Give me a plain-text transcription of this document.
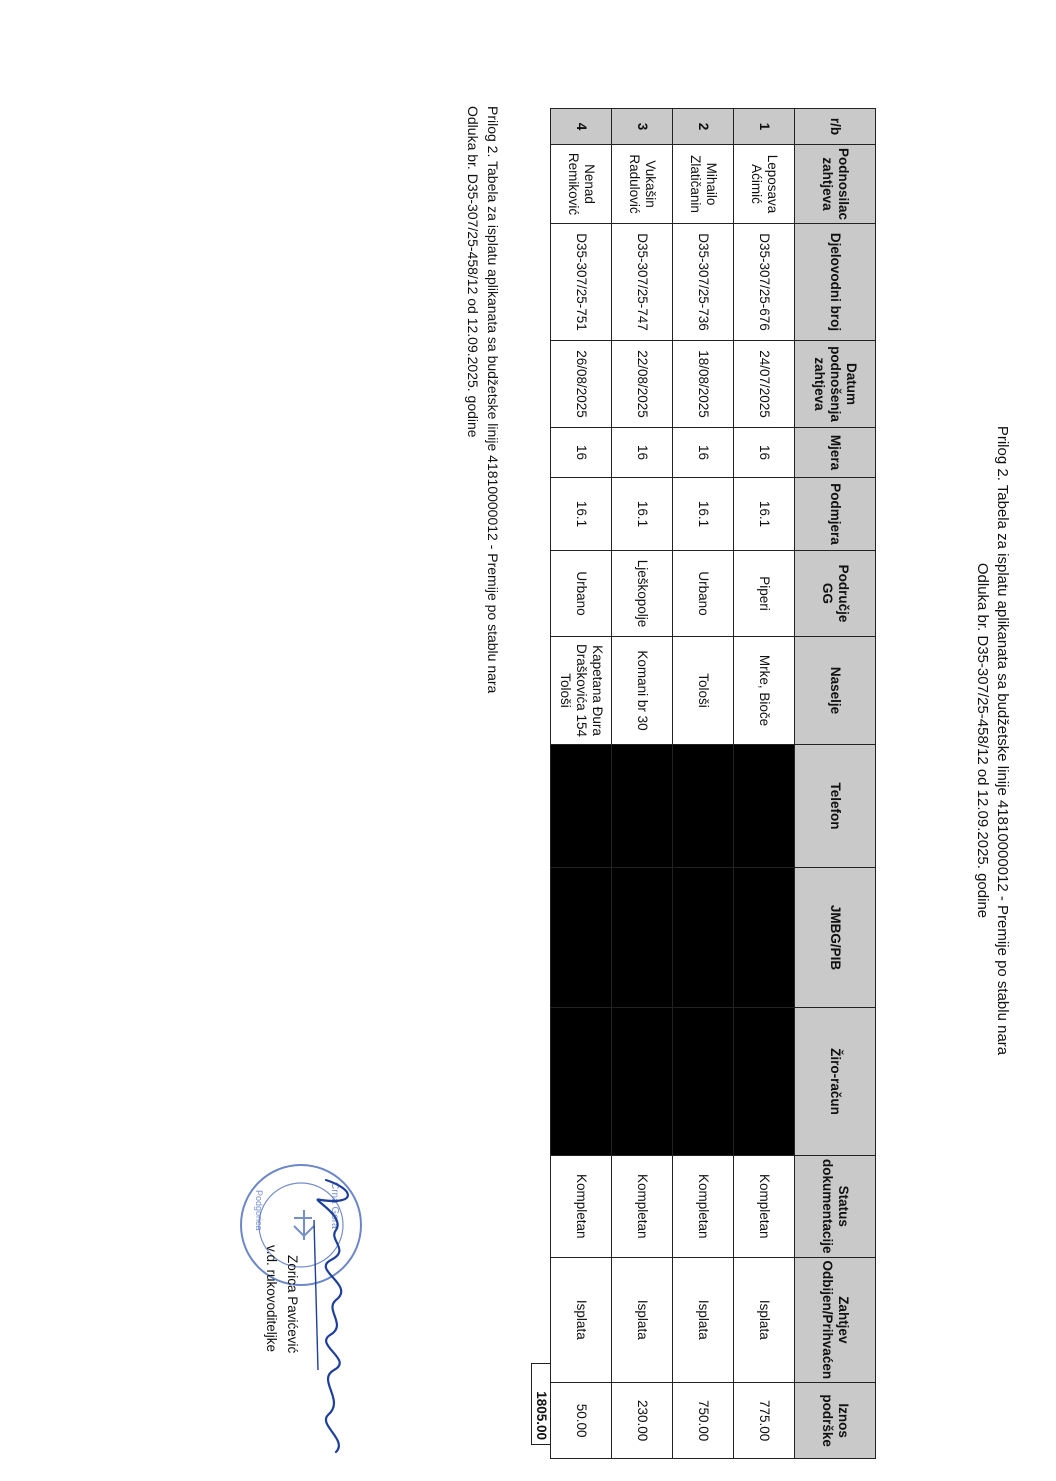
Prilog 2. Tabela za isplatu aplikanata sa budžetske linije 41810000012 - Premije po stablu nara
Odluka br. D35-307/25-458/12 od 12.09.2025. godine
r/b	Podnosilac zahtjeva	Djelovodni broj	Datum podnošenja zahtjeva	Mjera	Podmjera	Područje GG	Naselje	Telefon	JMBG/PIB	Žiro-račun	Status dokumentacije	Zahtjev Odbijen/Prihvaćen	Iznos podrške
1	Leposava Aćimić	D35-307/25-676	24/07/2025	16	16.1	Piperi	Mrke, Bioče				Kompletan	Isplata	775.00
2	Mihailo Zlatičanin	D35-307/25-736	18/08/2025	16	16.1	Urbano	Tološi				Kompletan	Isplata	750.00
3	Vukašin Radulović	D35-307/25-747	22/08/2025	16	16.1	Lješkopolje	Komani br 30				Kompletan	Isplata	230.00
4	Nenad Remiković	D35-307/25-751	26/08/2025	16	16.1	Urbano	Kapetana Đura Draškovića 154 Tološi				Kompletan	Isplata	50.00
1805.00
Prilog 2. Tabela za isplatu aplikanata sa budžetske linije 41810000012 - Premije po stablu nara
Odluka br. D35-307/25-458/12 od 12.09.2025. godine
Crna Gora
Podgorica
Zorica Pavićević
v.d. rukovoditeljke
